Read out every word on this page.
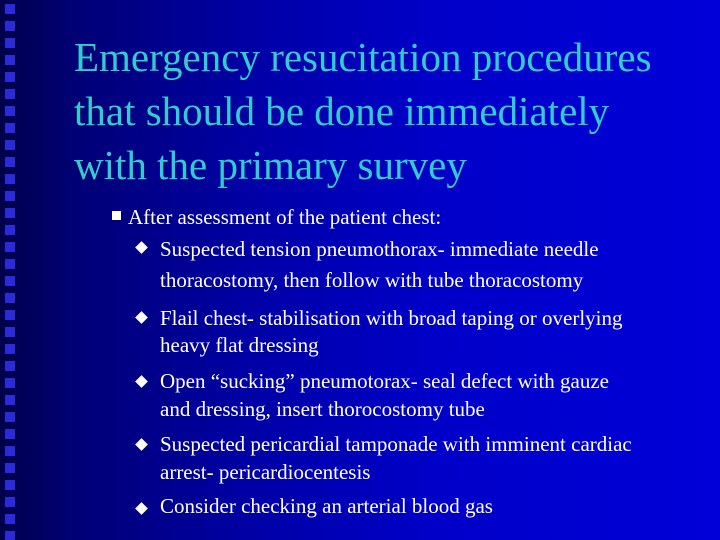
Emergency resucitation procedures
that should be done immediately
with the primary survey
After assessment of the patient chest:
Suspected tension pneumothorax- immediate needle
thoracostomy, then follow with tube thoracostomy
Flail chest- stabilisation with broad taping or overlying
heavy flat dressing
Open “sucking” pneumotorax- seal defect with gauze
and dressing, insert thorocostomy tube
Suspected pericardial tamponade with imminent cardiac
arrest- pericardiocentesis
Consider checking an arterial blood gas
